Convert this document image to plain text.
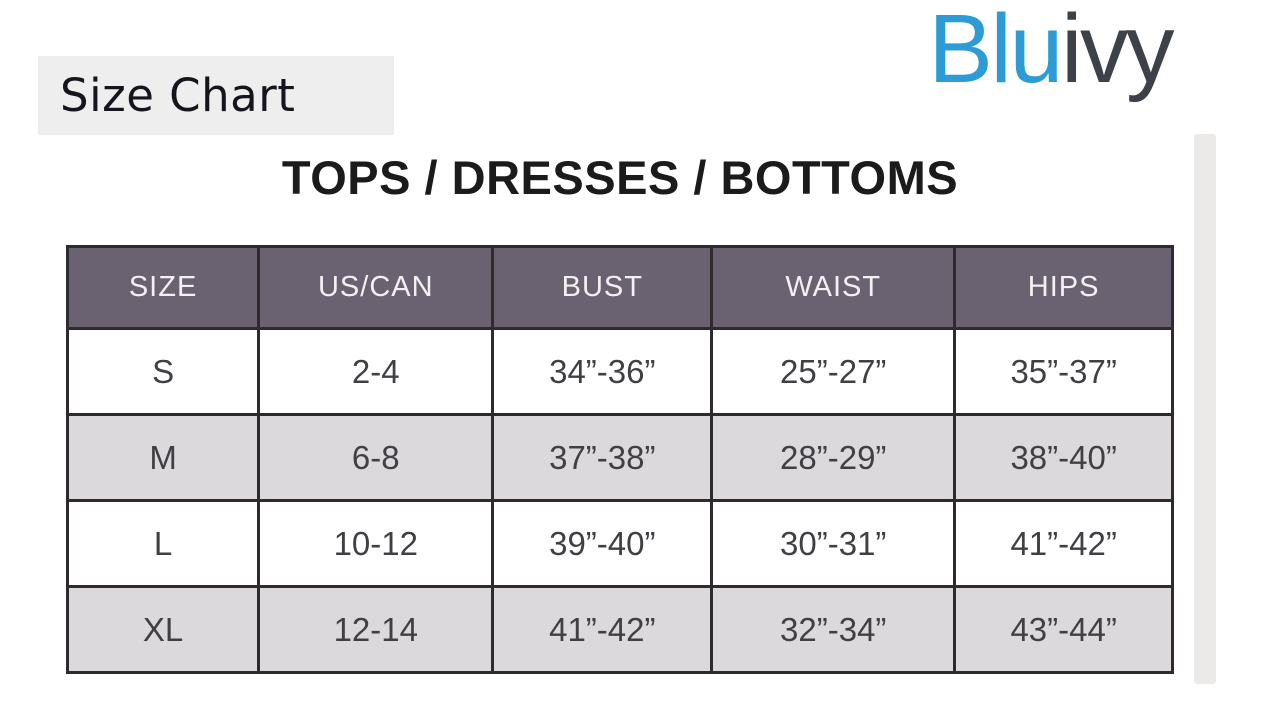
Size Chart	Bluivy
TOPS / DRESSES / BOTTOMS
SIZE	US/CAN	BUST	WAIST	HIPS
S	2-4	34”-36”	25”-27”	35”-37”
M	6-8	37”-38”	28”-29”	38”-40”
L	10-12	39”-40”	30”-31”	41”-42”
XL	12-14	41”-42”	32”-34”	43”-44”
